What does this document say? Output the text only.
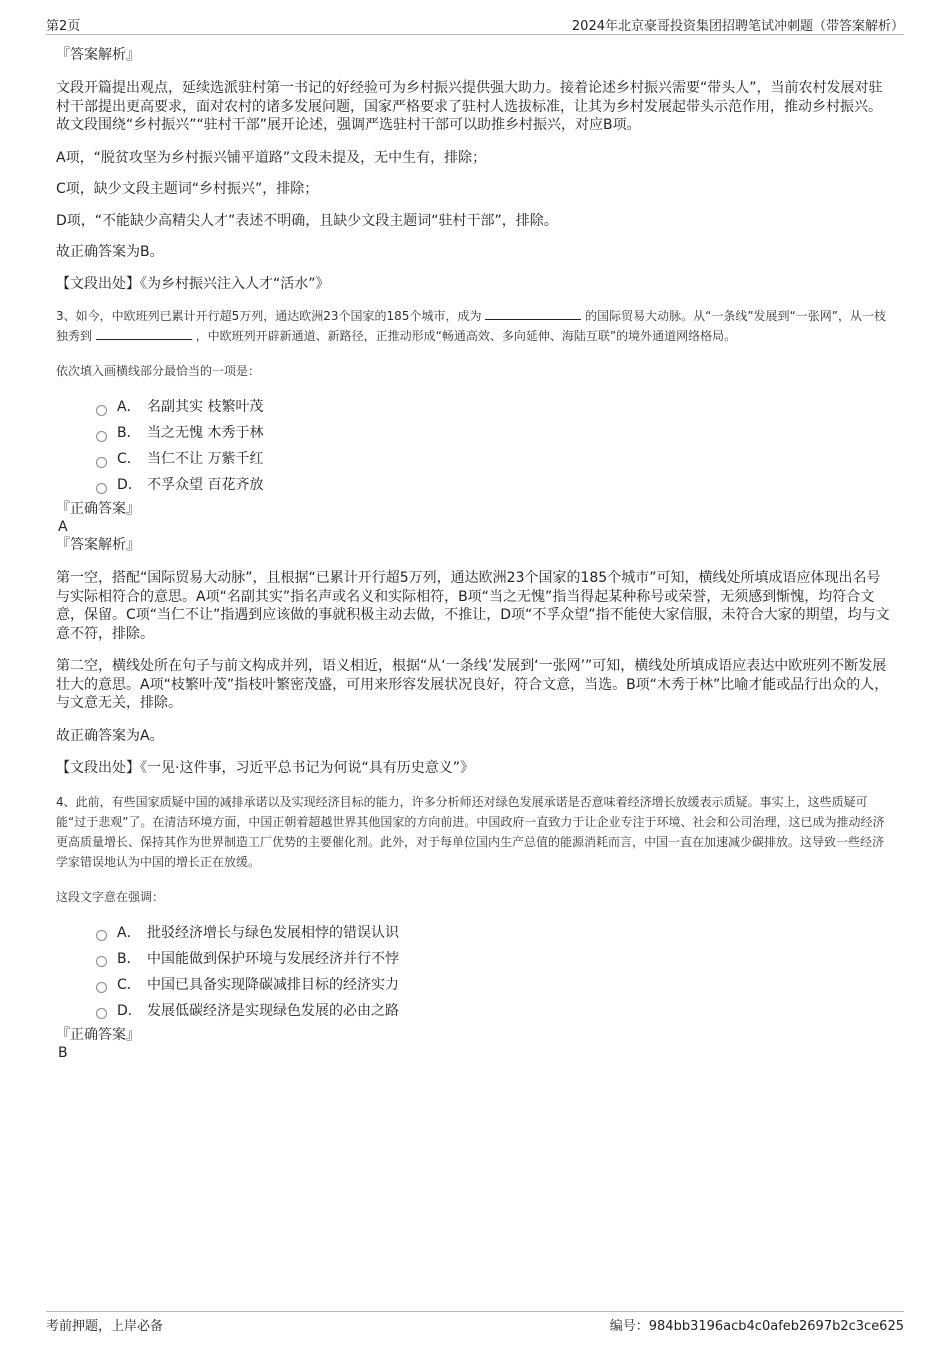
第2页	2024年北京豪哥投资集团招聘笔试冲刺题（带答案解析）

『答案解析』

文段开篇提出观点，延续选派驻村第一书记的好经验可为乡村振兴提供强大助力。接着论述乡村振兴需要“带头人”，当前农村发展对驻村干部提出更高要求，面对农村的诸多发展问题，国家严格要求了驻村人选拔标准，让其为乡村发展起带头示范作用，推动乡村振兴。故文段围绕“乡村振兴”“驻村干部”展开论述，强调严选驻村干部可以助推乡村振兴，对应B项。

A项，“脱贫攻坚为乡村振兴铺平道路”文段未提及，无中生有，排除；

C项，缺少文段主题词“乡村振兴”，排除；

D项，“不能缺少高精尖人才”表述不明确，且缺少文段主题词“驻村干部”，排除。

故正确答案为B。

【文段出处】《为乡村振兴注入人才“活水”》

3、如今，中欧班列已累计开行超5万列，通达欧洲23个国家的185个城市，成为	的国际贸易大动脉。从“一条线”发展到“一张网”，从一枝独秀到	，中欧班列开辟新通道、新路径，正推动形成“畅通高效、多向延伸、海陆互联”的境外通道网络格局。

依次填入画横线部分最恰当的一项是：

A． 名副其实 枝繁叶茂
B． 当之无愧 木秀于林
C． 当仁不让 万紫千红
D． 不孚众望 百花齐放

『正确答案』

A

『答案解析』

第一空，搭配“国际贸易大动脉”，且根据“已累计开行超5万列，通达欧洲23个国家的185个城市”可知，横线处所填成语应体现出名号与实际相符合的意思。A项“名副其实”指名声或名义和实际相符，B项“当之无愧”指当得起某种称号或荣誉，无须感到惭愧，均符合文意，保留。C项“当仁不让”指遇到应该做的事就积极主动去做，不推让，D项“不孚众望”指不能使大家信服，未符合大家的期望，均与文意不符，排除。

第二空，横线处所在句子与前文构成并列，语义相近，根据“从‘一条线’发展到‘一张网’”可知，横线处所填成语应表达中欧班列不断发展壮大的意思。A项“枝繁叶茂”指枝叶繁密茂盛，可用来形容发展状况良好，符合文意，当选。B项“木秀于林”比喻才能或品行出众的人，与文意无关，排除。

故正确答案为A。

【文段出处】《一见·这件事，习近平总书记为何说“具有历史意义”》

4、此前，有些国家质疑中国的减排承诺以及实现经济目标的能力，许多分析师还对绿色发展承诺是否意味着经济增长放缓表示质疑。事实上，这些质疑可能“过于悲观”了。在清洁环境方面，中国正朝着超越世界其他国家的方向前进。中国政府一直致力于让企业专注于环境、社会和公司治理，这已成为推动经济更高质量增长、保持其作为世界制造工厂优势的主要催化剂。此外，对于每单位国内生产总值的能源消耗而言，中国一直在加速减少碳排放。这导致一些经济学家错误地认为中国的增长正在放缓。

这段文字意在强调：

A． 批驳经济增长与绿色发展相悖的错误认识
B． 中国能做到保护环境与发展经济并行不悖
C． 中国已具备实现降碳减排目标的经济实力
D． 发展低碳经济是实现绿色发展的必由之路

『正确答案』

B

考前押题，上岸必备	编号：984bb3196acb4c0afeb2697b2c3ce625
